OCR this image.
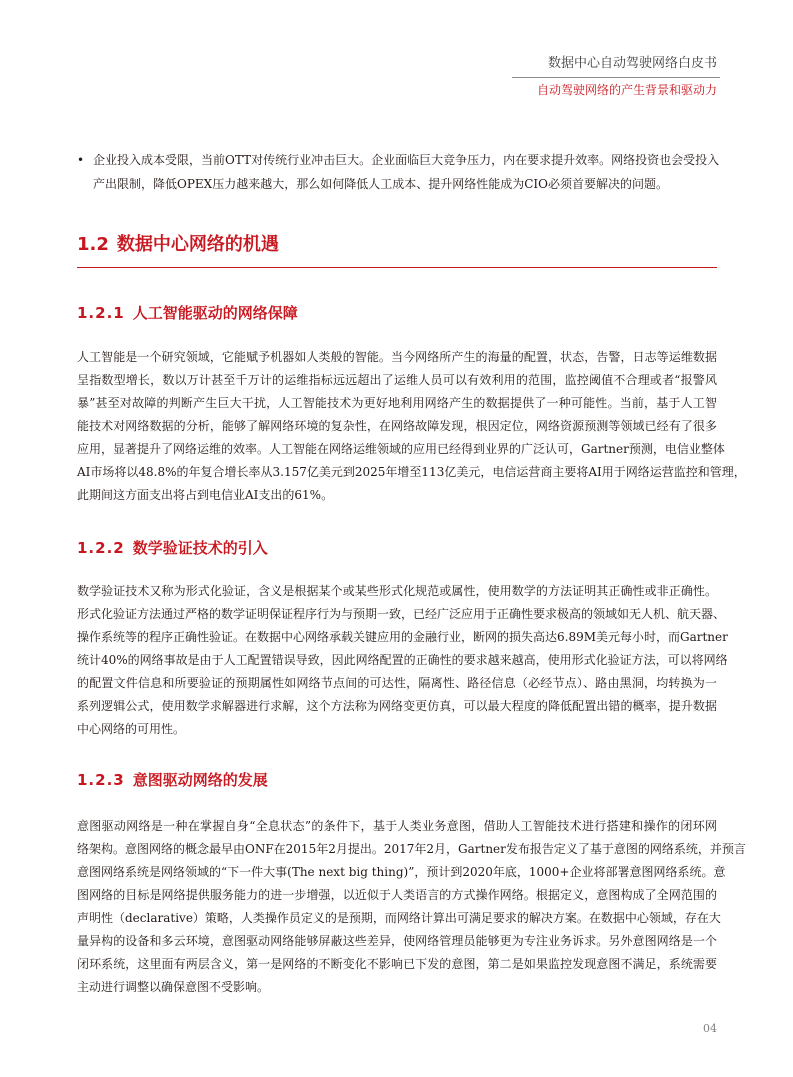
数据中心自动驾驶网络白皮书
自动驾驶网络的产生背景和驱动力
• 企业投入成本受限，当前OTT对传统行业冲击巨大。企业面临巨大竞争压力，内在要求提升效率。网络投资也会受投入
产出限制，降低OPEX压力越来越大，那么如何降低人工成本、提升网络性能成为CIO必须首要解决的问题。
1.2 数据中心网络的机遇
1.2.1 人工智能驱动的网络保障
人工智能是一个研究领域，它能赋予机器如人类般的智能。当今网络所产生的海量的配置，状态，告警，日志等运维数据
呈指数型增长，数以万计甚至千万计的运维指标远远超出了运维人员可以有效利用的范围，监控阈值不合理或者“报警风
暴”甚至对故障的判断产生巨大干扰，人工智能技术为更好地利用网络产生的数据提供了一种可能性。当前，基于人工智
能技术对网络数据的分析，能够了解网络环境的复杂性，在网络故障发现，根因定位，网络资源预测等领域已经有了很多
应用，显著提升了网络运维的效率。人工智能在网络运维领域的应用已经得到业界的广泛认可，Gartner预测，电信业整体
AI市场将以48.8%的年复合增长率从3.157亿美元到2025年增至113亿美元，电信运营商主要将AI用于网络运营监控和管理，
此期间这方面支出将占到电信业AI支出的61%。
1.2.2 数学验证技术的引入
数学验证技术又称为形式化验证，含义是根据某个或某些形式化规范或属性，使用数学的方法证明其正确性或非正确性。
形式化验证方法通过严格的数学证明保证程序行为与预期一致，已经广泛应用于正确性要求极高的领域如无人机、航天器、
操作系统等的程序正确性验证。在数据中心网络承载关键应用的金融行业，断网的损失高达6.89M美元每小时，而Gartner
统计40%的网络事故是由于人工配置错误导致，因此网络配置的正确性的要求越来越高，使用形式化验证方法，可以将网络
的配置文件信息和所要验证的预期属性如网络节点间的可达性，隔离性、路径信息（必经节点）、路由黑洞，均转换为一
系列逻辑公式，使用数学求解器进行求解，这个方法称为网络变更仿真，可以最大程度的降低配置出错的概率，提升数据
中心网络的可用性。
1.2.3 意图驱动网络的发展
意图驱动网络是一种在掌握自身“全息状态”的条件下，基于人类业务意图，借助人工智能技术进行搭建和操作的闭环网
络架构。意图网络的概念最早由ONF在2015年2月提出。2017年2月，Gartner发布报告定义了基于意图的网络系统，并预言
意图网络系统是网络领域的“下一件大事(The next big thing)”，预计到2020年底，1000+企业将部署意图网络系统。意
图网络的目标是网络提供服务能力的进一步增强，以近似于人类语言的方式操作网络。根据定义，意图构成了全网范围的
声明性（declarative）策略，人类操作员定义的是预期，而网络计算出可满足要求的解决方案。在数据中心领域，存在大
量异构的设备和多云环境，意图驱动网络能够屏蔽这些差异，使网络管理员能够更为专注业务诉求。另外意图网络是一个
闭环系统，这里面有两层含义，第一是网络的不断变化不影响已下发的意图，第二是如果监控发现意图不满足，系统需要
主动进行调整以确保意图不受影响。
04
